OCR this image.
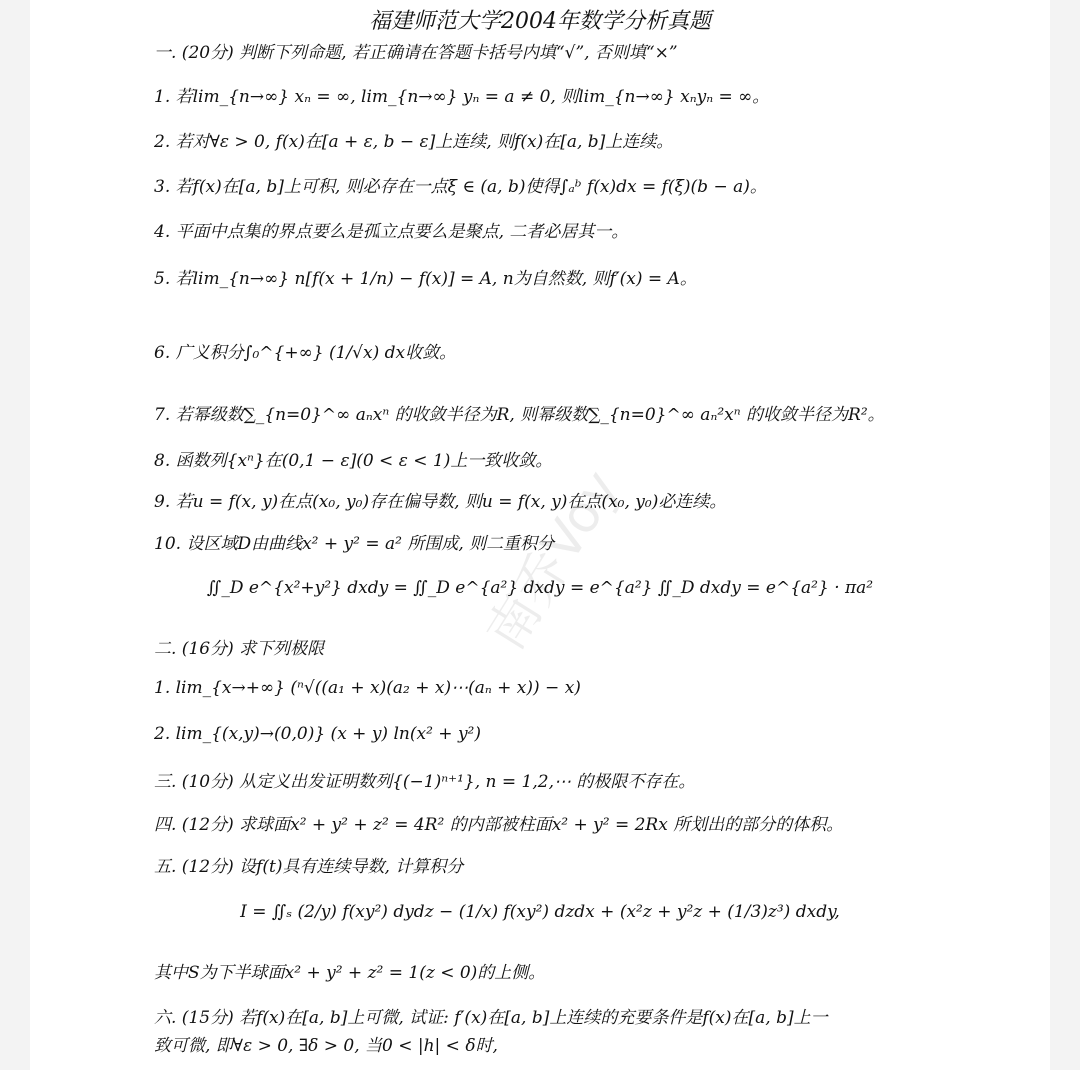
福建师范大学2004年数学分析真题
一. (20分) 判断下列命题, 若正确请在答题卡括号内填“√”, 否则填“×”
1. 若lim_{n→∞} xₙ = ∞, lim_{n→∞} yₙ = a ≠ 0, 则lim_{n→∞} xₙyₙ = ∞。
2. 若对∀ε > 0, f(x)在[a + ε, b − ε]上连续, 则f(x)在[a, b]上连续。
3. 若f(x)在[a, b]上可积, 则必存在一点ξ ∈ (a, b)使得∫ₐᵇ f(x)dx = f(ξ)(b − a)。
4. 平面中点集的界点要么是孤立点要么是聚点, 二者必居其一。
5. 若lim_{n→∞} n[f(x + 1/n) − f(x)] = A, n为自然数, 则f′(x) = A。
6. 广义积分∫₀^{+∞} (1/√x) dx收敛。
7. 若幂级数∑_{n=0}^∞ aₙxⁿ 的收敛半径为R, 则幂级数∑_{n=0}^∞ aₙ²xⁿ 的收敛半径为R²。
8. 函数列{xⁿ}在(0,1 − ε](0 < ε < 1)上一致收敛。
9. 若u = f(x, y)在点(x₀, y₀)存在偏导数, 则u = f(x, y)在点(x₀, y₀)必连续。
10. 设区域D由曲线x² + y² = a² 所围成, 则二重积分
∬_D e^{x²+y²} dxdy = ∬_D e^{a²} dxdy = e^{a²} ∬_D dxdy = e^{a²} · πa²
二. (16分) 求下列极限
1. lim_{x→+∞} (ⁿ√((a₁ + x)(a₂ + x)⋯(aₙ + x)) − x)
2. lim_{(x,y)→(0,0)} (x + y) ln(x² + y²)
三. (10分) 从定义出发证明数列{(−1)ⁿ⁺¹}, n = 1,2,⋯ 的极限不存在。
四. (12分) 求球面x² + y² + z² = 4R² 的内部被柱面x² + y² = 2Rx 所划出的部分的体积。
五. (12分) 设f(t)具有连续导数, 计算积分
I = ∬ₛ (2/y) f(xy²) dydz − (1/x) f(xy²) dzdx + (x²z + y²z + (1/3)z³) dxdy,
其中S为下半球面x² + y² + z² = 1(z < 0)的上侧。
六. (15分) 若f(x)在[a, b]上可微, 试证: f′(x)在[a, b]上连续的充要条件是f(x)在[a, b]上一
致可微, 即∀ε > 0, ∃δ > 0, 当0 < |h| < δ时,
南乔Voy
